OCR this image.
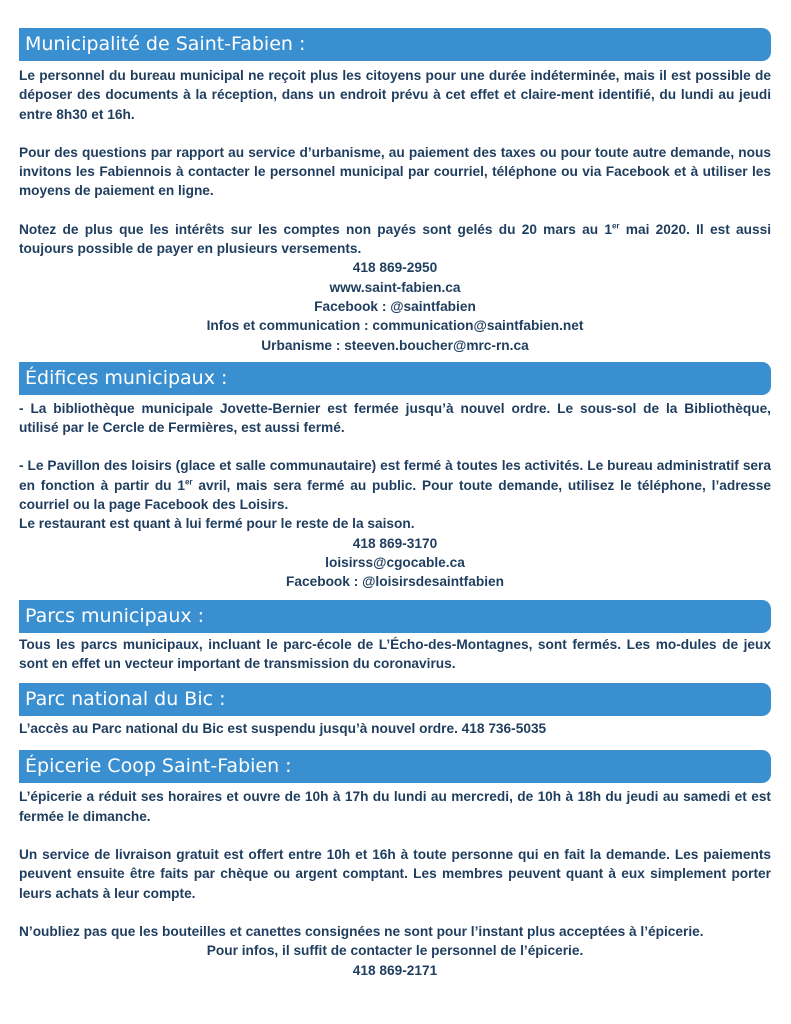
Municipalité de Saint-Fabien :

Le personnel du bureau municipal ne reçoit plus les citoyens pour une durée indéterminée, mais il est possible de déposer des documents à la réception, dans un endroit prévu à cet effet et claire-ment identifié, du lundi au jeudi entre 8h30 et 16h.

Pour des questions par rapport au service d’urbanisme, au paiement des taxes ou pour toute autre demande, nous invitons les Fabiennois à contacter le personnel municipal par courriel, téléphone ou via Facebook et à utiliser les moyens de paiement en ligne.

Notez de plus que les intérêts sur les comptes non payés sont gelés du 20 mars au 1er mai 2020. Il est aussi toujours possible de payer en plusieurs versements.

418 869-2950
www.saint-fabien.ca
Facebook : @saintfabien
Infos et communication : communication@saintfabien.net
Urbanisme : steeven.boucher@mrc-rn.ca
Édifices municipaux :

- La bibliothèque municipale Jovette-Bernier est fermée jusqu’à nouvel ordre. Le sous-sol de la Bibliothèque, utilisé par le Cercle de Fermières, est aussi fermé.

- Le Pavillon des loisirs (glace et salle communautaire) est fermé à toutes les activités. Le bureau administratif sera en fonction à partir du 1er avril, mais sera fermé au public. Pour toute demande, utilisez le téléphone, l’adresse courriel ou la page Facebook des Loisirs.

Le restaurant est quant à lui fermé pour le reste de la saison.

418 869-3170
loisirss@cgocable.ca
Facebook : @loisirsdesaintfabien
Parcs municipaux :

Tous les parcs municipaux, incluant le parc-école de L’Écho-des-Montagnes, sont fermés. Les mo-dules de jeux sont en effet un vecteur important de transmission du coronavirus.

Parc national du Bic :

L’accès au Parc national du Bic est suspendu jusqu’à nouvel ordre. 418 736-5035

Épicerie Coop Saint-Fabien :

L’épicerie a réduit ses horaires et ouvre de 10h à 17h du lundi au mercredi, de 10h à 18h du jeudi au samedi et est fermée le dimanche.

Un service de livraison gratuit est offert entre 10h et 16h à toute personne qui en fait la demande. Les paiements peuvent ensuite être faits par chèque ou argent comptant. Les membres peuvent quant à eux simplement porter leurs achats à leur compte.

N’oubliez pas que les bouteilles et canettes consignées ne sont pour l’instant plus acceptées à l’épicerie.

Pour infos, il suffit de contacter le personnel de l’épicerie.
418 869-2171
